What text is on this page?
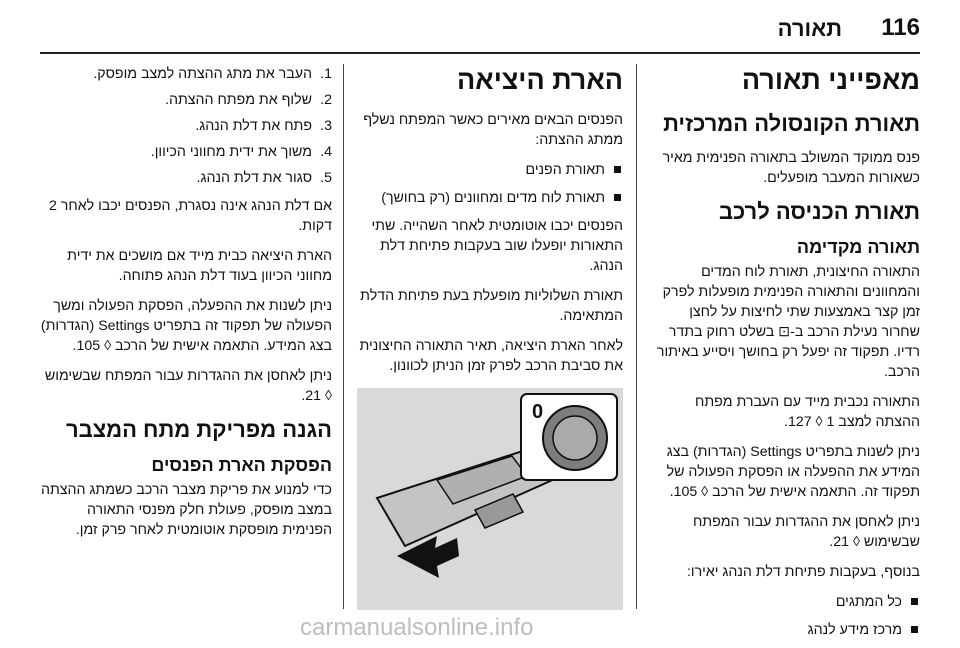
116
תאורה
מאפייני תאורה
תאורת הקונסולה המרכזית

פנס ממוקד המשולב בתאורה הפנימית מאיר כשאורות המעבר מופעלים.

תאורת הכניסה לרכב
תאורה מקדימה

התאורה החיצונית, תאורת לוח המדים והמחוונים והתאורה הפנימית מופעלות לפרק זמן קצר באמצעות שתי לחיצות על לחצן שחרור נעילת הרכב ב-⊡ בשלט רחוק בתדר רדיו. תפקוד זה יפעל רק בחושך ויסייע באיתור הרכב.

התאורה נכבית מייד עם העברת מפתח ההצתה למצב 1 ◊ 127.

ניתן לשנות בתפריט Settings (הגדרות) בצג המידע את ההפעלה או הפסקת הפעולה של תפקוד זה. התאמה אישית של הרכב ◊ 105.

ניתן לאחסן את ההגדרות עבור המפתח שבשימוש ◊ 21.

בנוסף, בעקבות פתיחת דלת הנהג יאירו:

כל המתגים
מרכז מידע לנהג
הארת היציאה

הפנסים הבאים מאירים כאשר המפתח נשלף ממתג ההצתה:

תאורת הפנים
תאורת לוח מדים ומחוונים (רק בחושך)

הפנסים יכבו אוטומטית לאחר השהייה. שתי התאורות יופעלו שוב בעקבות פתיחת דלת הנהג.

תאורת השלוליות מופעלת בעת פתיחת הדלת המתאימה.

לאחר הארת היציאה, תאיר התאורה החיצונית את סביבת הרכב לפרק זמן הניתן לכוונון.

0
1.העבר את מתג ההצתה למצב מופסק.
2.שלוף את מפתח ההצתה.
3.פתח את דלת הנהג.
4.משוך את ידית מחווני הכיוון.
5.סגור את דלת הנהג.

אם דלת הנהג אינה נסגרת, הפנסים יכבו לאחר 2 דקות.

הארת היציאה כבית מייד אם מושכים את ידית מחווני הכיוון בעוד דלת הנהג פתוחה.

ניתן לשנות את ההפעלה, הפסקת הפעולה ומשך הפעולה של תפקוד זה בתפריט Settings (הגדרות) בצג המידע. התאמה אישית של הרכב ◊ 105.

ניתן לאחסן את ההגדרות עבור המפתח שבשימוש ◊ 21.

הגנה מפריקת מתח המצבר
הפסקת הארת הפנסים

כדי למנוע את פריקת מצבר הרכב כשמתג ההצתה במצב מופסק, פעולת חלק מפנסי התאורה הפנימית מופסקת אוטומטית לאחר פרק זמן.

carmanualsonline.info
